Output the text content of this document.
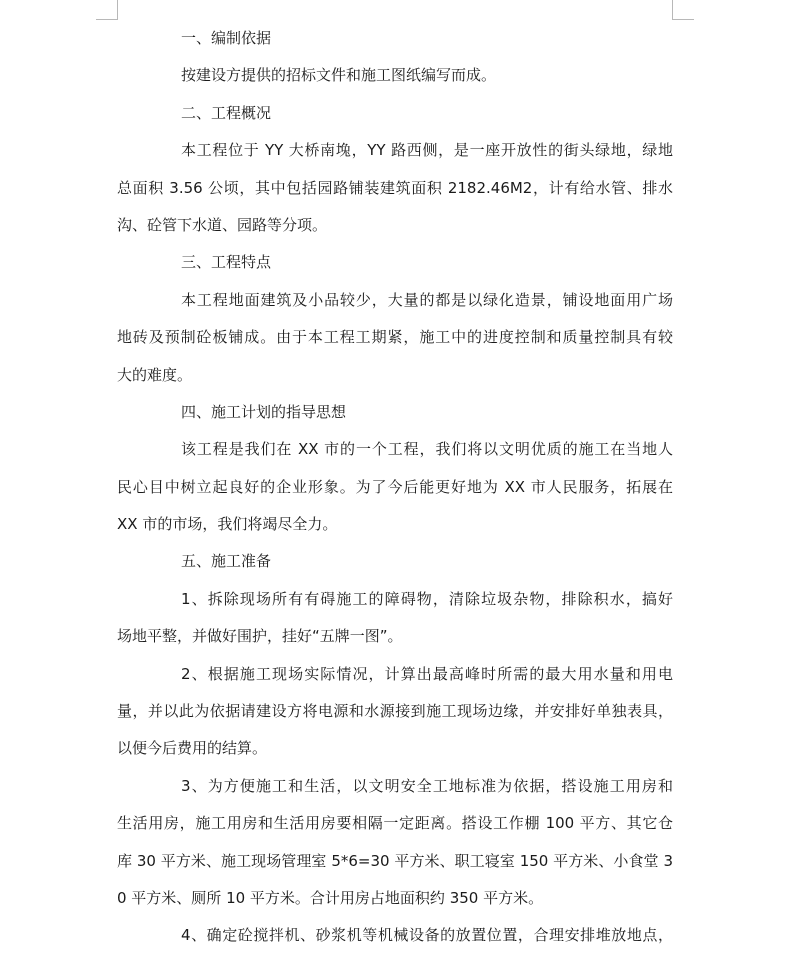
一、编制依据
按建设方提供的招标文件和施工图纸编写而成。
二、工程概况
本工程位于 YY 大桥南堍，YY 路西侧，是一座开放性的街头绿地，绿地
总面积 3.56 公顷，其中包括园路铺装建筑面积 2182.46M2，计有给水管、排水
沟、砼管下水道、园路等分项。
三、工程特点
本工程地面建筑及小品较少，大量的都是以绿化造景，铺设地面用广场
地砖及预制砼板铺成。由于本工程工期紧，施工中的进度控制和质量控制具有较
大的难度。
四、施工计划的指导思想
该工程是我们在 XX 市的一个工程，我们将以文明优质的施工在当地人
民心目中树立起良好的企业形象。为了今后能更好地为 XX 市人民服务，拓展在
XX 市的市场，我们将竭尽全力。
五、施工准备
1、拆除现场所有有碍施工的障碍物，清除垃圾杂物，排除积水，搞好
场地平整，并做好围护，挂好“五牌一图”。
2、根据施工现场实际情况，计算出最高峰时所需的最大用水量和用电
量，并以此为依据请建设方将电源和水源接到施工现场边缘，并安排好单独表具，
以便今后费用的结算。
3、为方便施工和生活，以文明安全工地标准为依据，搭设施工用房和
生活用房，施工用房和生活用房要相隔一定距离。搭设工作棚 100 平方、其它仓
库 30 平方米、施工现场管理室 5*6=30 平方米、职工寝室 150 平方米、小食堂 3
0 平方米、厕所 10 平方米。合计用房占地面积约 350 平方米。
4、确定砼搅拌机、砂浆机等机械设备的放置位置，合理安排堆放地点，
